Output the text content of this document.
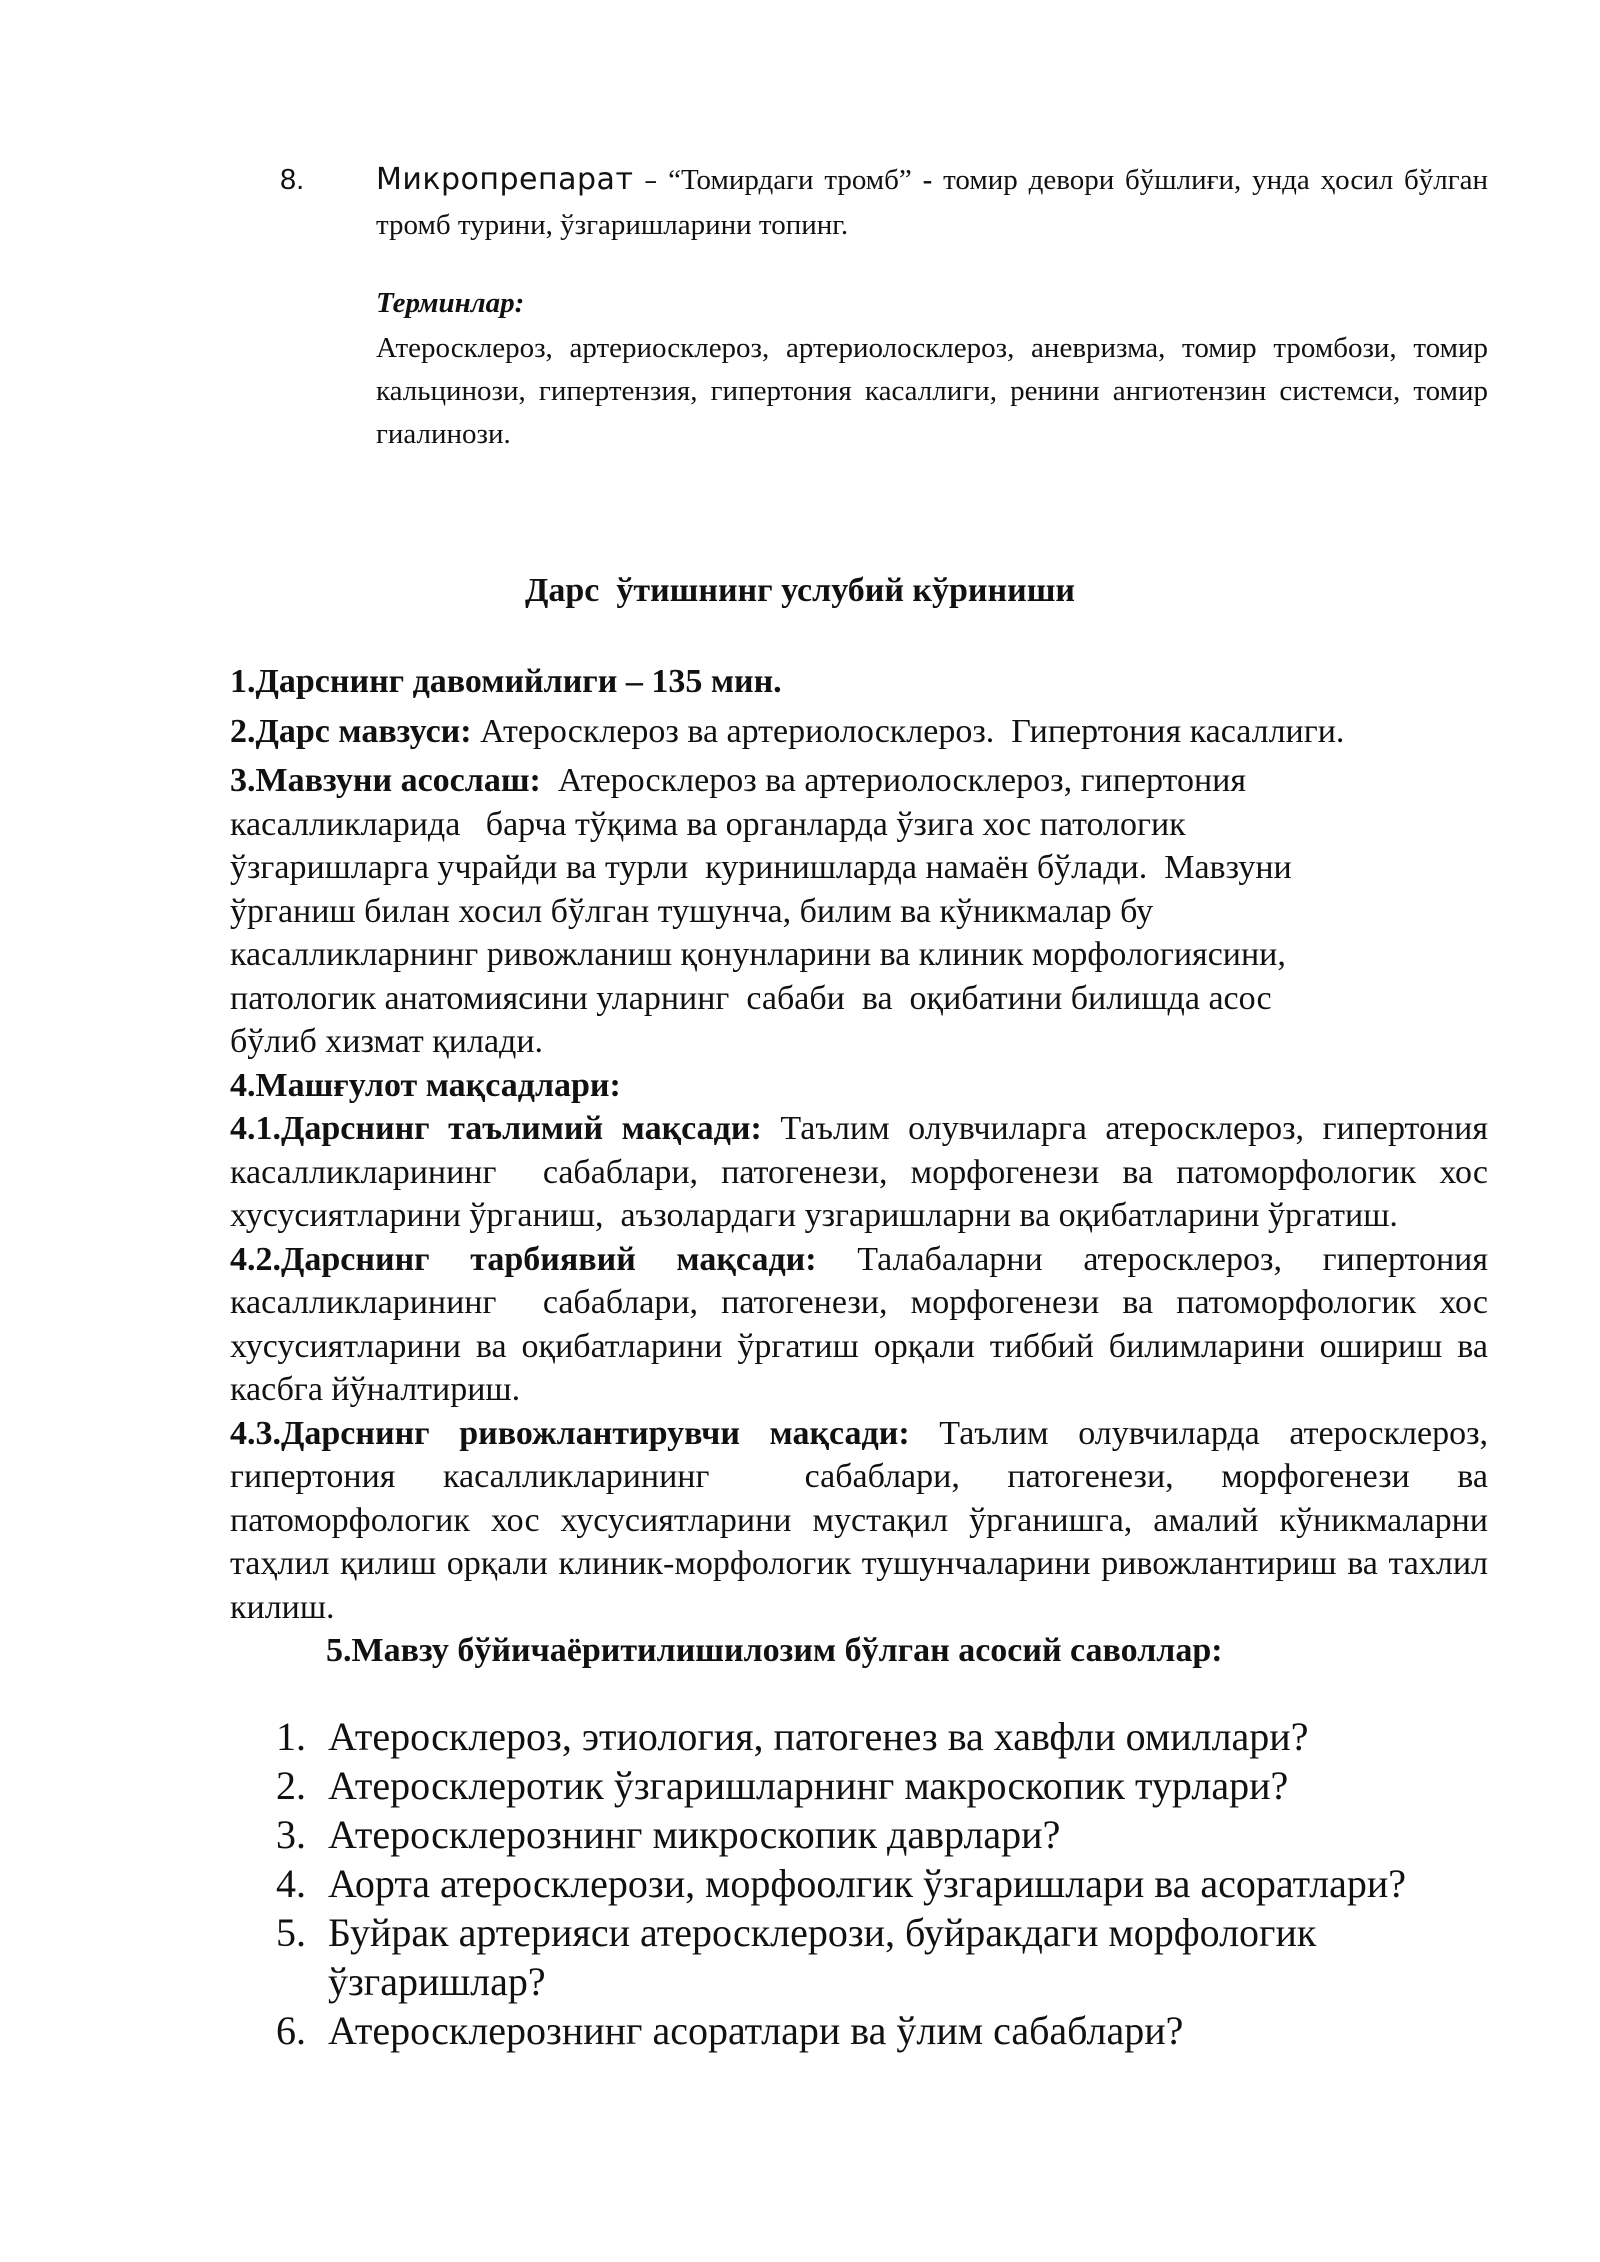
8. Микропрепарат – “Томирдаги тромб” - томир девори бўшлиғи, унда ҳосил бўлган тромб турини, ўзгаришларини топинг.
Терминлар:
Атеросклероз, артериосклероз, артериолосклероз, аневризма, томир тромбози, томир кальцинози, гипертензия, гипертония касаллиги, ренини ангиотензин системси, томир гиалинози.
Дарс  ўтишнинг услубий кўриниши

1.Дарснинг давомийлиги – 135 мин.

2.Дарс мавзуси: Атеросклероз ва артериолосклероз.  Гипертония касаллиги.

3.Мавзуни асослаш:  Атеросклероз ва артериолосклероз, гипертония
касалликларида   барча тўқима ва органларда ўзига хос патологик
ўзгаришларга учрайди ва турли  куринишларда намаён бўлади.  Мавзуни
ўрганиш билан хосил бўлган тушунча, билим ва кўникмалар бу
касалликларнинг ривожланиш қонунларини ва клиник морфологиясини,
патологик анатомиясини уларнинг  сабаби  ва  оқибатини билишда асос
бўлиб хизмат қилади.

4.Машғулот мақсадлари:

4.1.Дарснинг таълимий мақсади: Таълим олувчиларга атеросклероз, гипертония касалликларининг  сабаблари, патогенези, морфогенези ва патоморфологик хос хусусиятларини ўрганиш,  аъзолардаги узгаришларни ва оқибатларини ўргатиш.

4.2.Дарснинг тарбиявий мақсади: Талабаларни атеросклероз, гипертония касалликларининг  сабаблари, патогенези, морфогенези ва патоморфологик хос хусусиятларини ва оқибатларини ўргатиш орқали тиббий билимларини ошириш ва касбга йўналтириш.

4.3.Дарснинг ривожлантирувчи мақсади: Таълим олувчиларда атеросклероз, гипертония касалликларининг  сабаблари, патогенези, морфогенези ва патоморфологик хос хусусиятларини мустақил ўрганишга, амалий кўникмаларни таҳлил қилиш орқали клиник-морфологик тушунчаларини ривожлантириш ва тахлил килиш.

5.Мавзу бўйичаёритилишилозим бўлган асосий саволлар:

1. Атеросклероз, этиология, патогенез ва хавфли омиллари?
2. Атеросклеротик ўзгаришларнинг макроскопик турлари?
3. Атеросклерознинг микроскопик даврлари?
4. Аорта атеросклерози, морфоолгик ўзгаришлари ва асоратлари?
5. Буйрак артерияси атеросклерози, буйракдаги морфологик ўзгаришлар?
6. Атеросклерознинг асоратлари ва ўлим сабаблари?
